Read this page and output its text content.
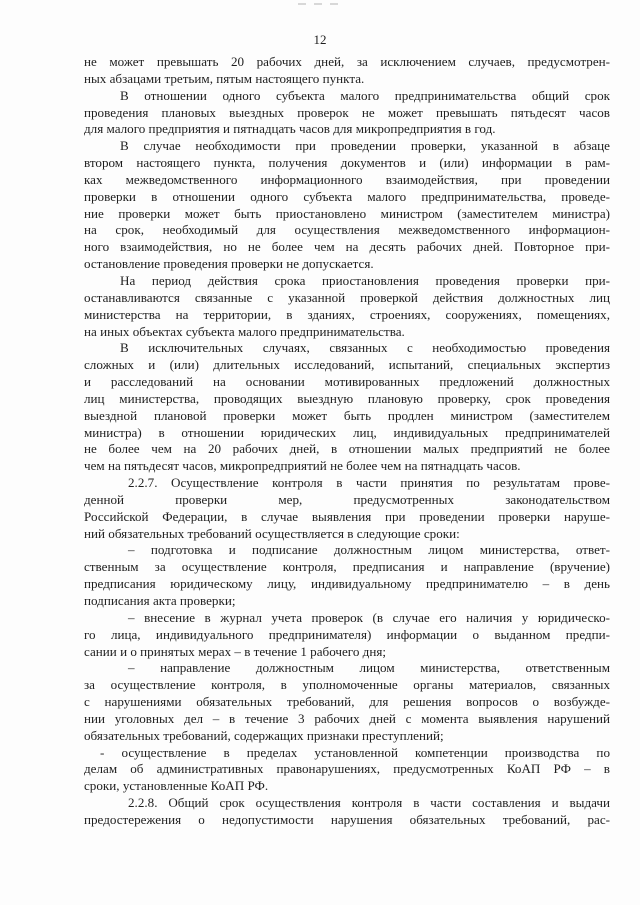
12
не может превышать 20 рабочих дней, за исключением случаев, предусмотрен-
ных абзацами третьим, пятым настоящего пункта.
В отношении одного субъекта малого предпринимательства общий срок
проведения плановых выездных проверок не может превышать пятьдесят часов
для малого предприятия и пятнадцать часов для микропредприятия в год.
В случае необходимости при проведении проверки, указанной в абзаце
втором настоящего пункта, получения документов и (или) информации в рам-
ках межведомственного информационного взаимодействия, при проведении
проверки в отношении одного субъекта малого предпринимательства, проведе-
ние проверки может быть приостановлено министром (заместителем министра)
на срок, необходимый для осуществления межведомственного информацион-
ного взаимодействия, но не более чем на десять рабочих дней. Повторное при-
остановление проведения проверки не допускается.
На период действия срока приостановления проведения проверки при-
останавливаются связанные с указанной проверкой действия должностных лиц
министерства на территории, в зданиях, строениях, сооружениях, помещениях,
на иных объектах субъекта малого предпринимательства.
В исключительных случаях, связанных с необходимостью проведения
сложных и (или) длительных исследований, испытаний, специальных экспертиз
и расследований на основании мотивированных предложений должностных
лиц министерства, проводящих выездную плановую проверку, срок проведения
выездной плановой проверки может быть продлен министром (заместителем
министра) в отношении юридических лиц, индивидуальных предпринимателей
не более чем на 20 рабочих дней, в отношении малых предприятий не более
чем на пятьдесят часов, микропредприятий не более чем на пятнадцать часов.
2.2.7. Осуществление контроля в части принятия по результатам прове-
денной проверки мер, предусмотренных законодательством
Российской Федерации, в случае выявления при проведении проверки наруше-
ний обязательных требований осуществляется в следующие сроки:
– подготовка и подписание должностным лицом министерства, ответ-
ственным за осуществление контроля, предписания и направление (вручение)
предписания юридическому лицу, индивидуальному предпринимателю – в день
подписания акта проверки;
– внесение в журнал учета проверок (в случае его наличия у юридическо-
го лица, индивидуального предпринимателя) информации о выданном предпи-
сании и о принятых мерах – в течение 1 рабочего дня;
– направление должностным лицом министерства, ответственным
за осуществление контроля, в уполномоченные органы материалов, связанных
с нарушениями обязательных требований, для решения вопросов о возбужде-
нии уголовных дел – в течение 3 рабочих дней с момента выявления нарушений
обязательных требований, содержащих признаки преступлений;
- осуществление в пределах установленной компетенции производства по
делам об административных правонарушениях, предусмотренных КоАП РФ – в
сроки, установленные КоАП РФ.
2.2.8. Общий срок осуществления контроля в части составления и выдачи
предостережения о недопустимости нарушения обязательных требований, рас-
